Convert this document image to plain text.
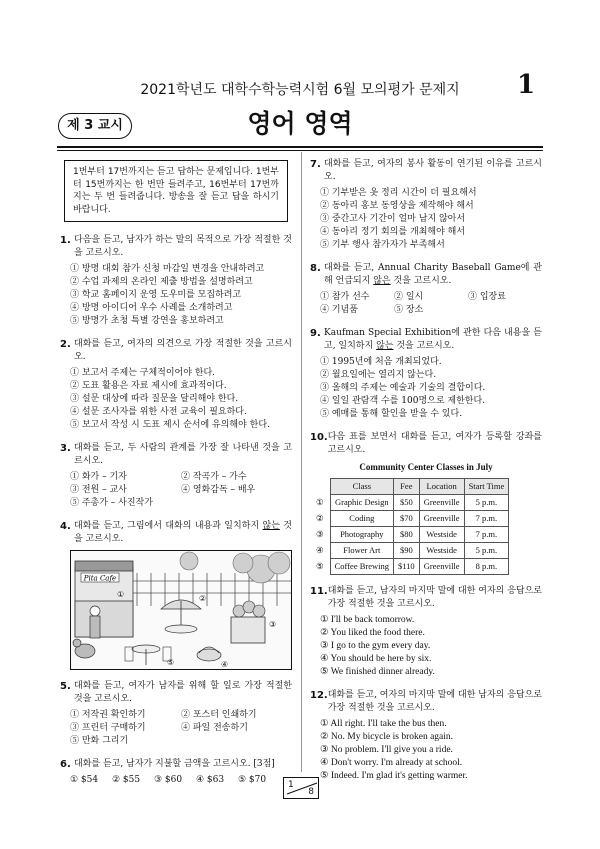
2021학년도 대학수학능력시험 6월 모의평가 문제지	1
제 3 교시	영어 영역
1번부터 17번까지는 듣고 답하는 문제입니다. 1번부터 15번까지는 한 번만 들려주고, 16번부터 17번까지는 두 번 들려줍니다. 방송을 잘 듣고 답을 하시기 바랍니다.
1. 다음을 듣고, 남자가 하는 말의 목적으로 가장 적절한 것을 고르시오.
① 방명 대회 참가 신청 마감일 변경을 안내하려고
② 수업 과제의 온라인 제출 방법을 설명하려고
③ 학교 홈페이지 운영 도우미를 모집하려고
④ 방명 아이디어 우수 사례를 소개하려고
⑤ 방명가 초청 특별 강연을 홍보하려고
2. 대화를 듣고, 여자의 의견으로 가장 적절한 것을 고르시오.
① 보고서 주제는 구체적이어야 한다.
② 도표 활용은 자료 제시에 효과적이다.
③ 설문 대상에 따라 질문을 달리해야 한다.
④ 설문 조사자를 위한 사전 교육이 필요하다.
⑤ 보고서 작성 시 도표 제시 순서에 유의해야 한다.
3. 대화를 듣고, 두 사람의 관계를 가장 잘 나타낸 것을 고르시오.
① 화가 – 기자	② 작곡가 – 가수
③ 전원 – 교사	④ 영화감독 – 배우
⑤ 주총가 – 사진작가
4. 대화를 듣고, 그림에서 대화의 내용과 일치하지 않는 것을 고르시오.
Pita Cafe
①	②
③
④
⑤
5. 대화를 듣고, 여자가 남자를 위해 할 일로 가장 적절한 것을 고르시오.
① 저작권 확인하기	② 포스터 인쇄하기
③ 프린터 구매하기	④ 파일 전송하기
⑤ 만화 그리기
6. 대화를 듣고, 남자가 지불할 금액을 고르시오. [3점]
① $54	② $55	③ $60	④ $63	⑤ $70
7. 대화를 듣고, 여자의 봉사 활동이 연기된 이유를 고르시오.
① 기부받은 옷 정리 시간이 더 필요해서
② 동아리 홍보 동영상을 제작해야 해서
③ 중간고사 기간이 얼마 남지 않아서
④ 동아리 정기 회의를 개최해야 해서
⑤ 기부 행사 참가자가 부족해서
8. 대화를 듣고, Annual Charity Baseball Game에 관해 언급되지 않은 것을 고르시오.
① 참가 선수	② 일시	③ 입장료
④ 기념품	⑤ 장소
9. Kaufman Special Exhibition에 관한 다음 내용을 듣고, 일치하지 않는 것을 고르시오.
① 1995년에 처음 개최되었다.
② 월요일에는 열리지 않는다.
③ 올해의 주제는 예술과 기술의 결합이다.
④ 일일 관람객 수를 100명으로 제한한다.
⑤ 예매를 통해 할인을 받을 수 있다.
10. 다음 표를 보면서 대화를 듣고, 여자가 등록할 강좌를 고르시오.
Community Center Classes in July
	Class	Fee	Location	Start Time
①	Graphic Design	$50	Greenville	5 p.m.
②	Coding	$70	Greenville	7 p.m.
③	Photography	$80	Westside	7 p.m.
④	Flower Art	$90	Westside	5 p.m.
⑤	Coffee Brewing	$110	Greenville	8 p.m.
11. 대화를 듣고, 남자의 마지막 말에 대한 여자의 응답으로 가장 적절한 것을 고르시오.
① I'll be back tomorrow.
② You liked the food there.
③ I go to the gym every day.
④ You should be here by six.
⑤ We finished dinner already.
12. 대화를 듣고, 여자의 마지막 말에 대한 남자의 응답으로 가장 적절한 것을 고르시오.
① All right. I'll take the bus then.
② No. My bicycle is broken again.
③ No problem. I'll give you a ride.
④ Don't worry. I'm already at school.
⑤ Indeed. I'm glad it's getting warmer.
1
8
